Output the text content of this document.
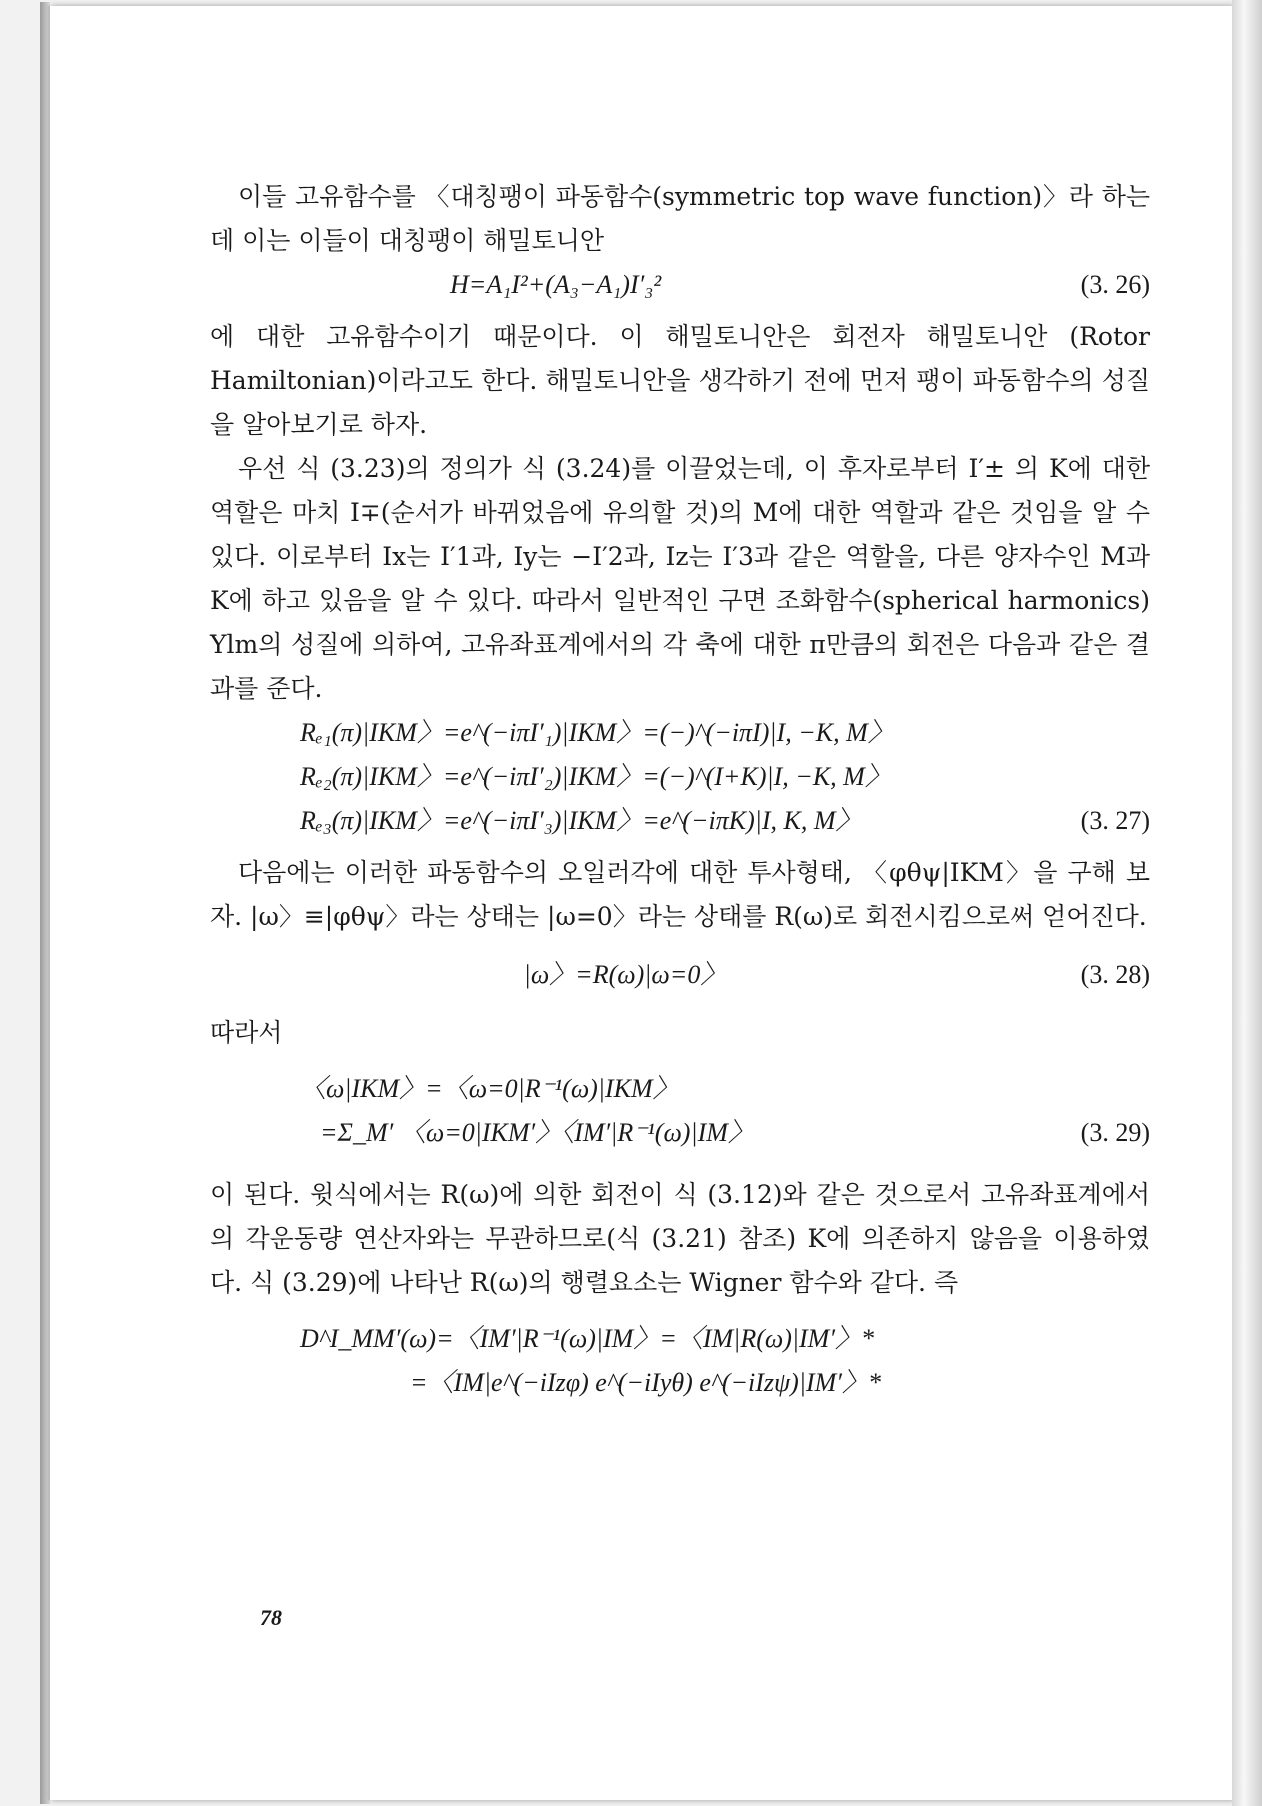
이들 고유함수를 〈대칭팽이 파동함수(symmetric top wave function)〉라 하는데 이는 이들이 대칭팽이 해밀토니안

H=A₁I²+(A₃−A₁)I′₃²	(3. 26)

에 대한 고유함수이기 때문이다. 이 해밀토니안은 회전자 해밀토니안 (Rotor Hamiltonian)이라고도 한다. 해밀토니안을 생각하기 전에 먼저 팽이 파동함수의 성질을 알아보기로 하자.

우선 식 (3.23)의 정의가 식 (3.24)를 이끌었는데, 이 후자로부터 I′± 의 K에 대한 역할은 마치 I∓(순서가 바뀌었음에 유의할 것)의 M에 대한 역할과 같은 것임을 알 수 있다. 이로부터 Ix는 I′1과, Iy는 −I′2과, Iz는 I′3과 같은 역할을, 다른 양자수인 M과 K에 하고 있음을 알 수 있다. 따라서 일반적인 구면 조화함수(spherical harmonics) Ylm의 성질에 의하여, 고유좌표계에서의 각 축에 대한 π만큼의 회전은 다음과 같은 결과를 준다.

Rₑ₁(π)|IKM〉=e^(−iπI′₁)|IKM〉=(−)^(−iπI)|I, −K, M〉
Rₑ₂(π)|IKM〉=e^(−iπI′₂)|IKM〉=(−)^(I+K)|I, −K, M〉
Rₑ₃(π)|IKM〉=e^(−iπI′₃)|IKM〉=e^(−iπK)|I, K, M〉	(3. 27)

다음에는 이러한 파동함수의 오일러각에 대한 투사형태, 〈φθψ|IKM〉을 구해 보자. |ω〉≡|φθψ〉라는 상태는 |ω=0〉라는 상태를 R(ω)로 회전시킴으로써 얻어진다.

|ω〉=R(ω)|ω=0〉	(3. 28)

따라서

〈ω|IKM〉=〈ω=0|R⁻¹(ω)|IKM〉
=Σ_M′ 〈ω=0|IKM′〉〈IM′|R⁻¹(ω)|IM〉	(3. 29)

이 된다. 윗식에서는 R(ω)에 의한 회전이 식 (3.12)와 같은 것으로서 고유좌표계에서의 각운동량 연산자와는 무관하므로(식 (3.21) 참조) K에 의존하지 않음을 이용하였다. 식 (3.29)에 나타난 R(ω)의 행렬요소는 Wigner 함수와 같다. 즉

D^I_MM′(ω)=〈IM′|R⁻¹(ω)|IM〉=〈IM|R(ω)|IM′〉*
=〈IM|e^(−iIzφ) e^(−iIyθ) e^(−iIzψ)|IM′〉*
78
